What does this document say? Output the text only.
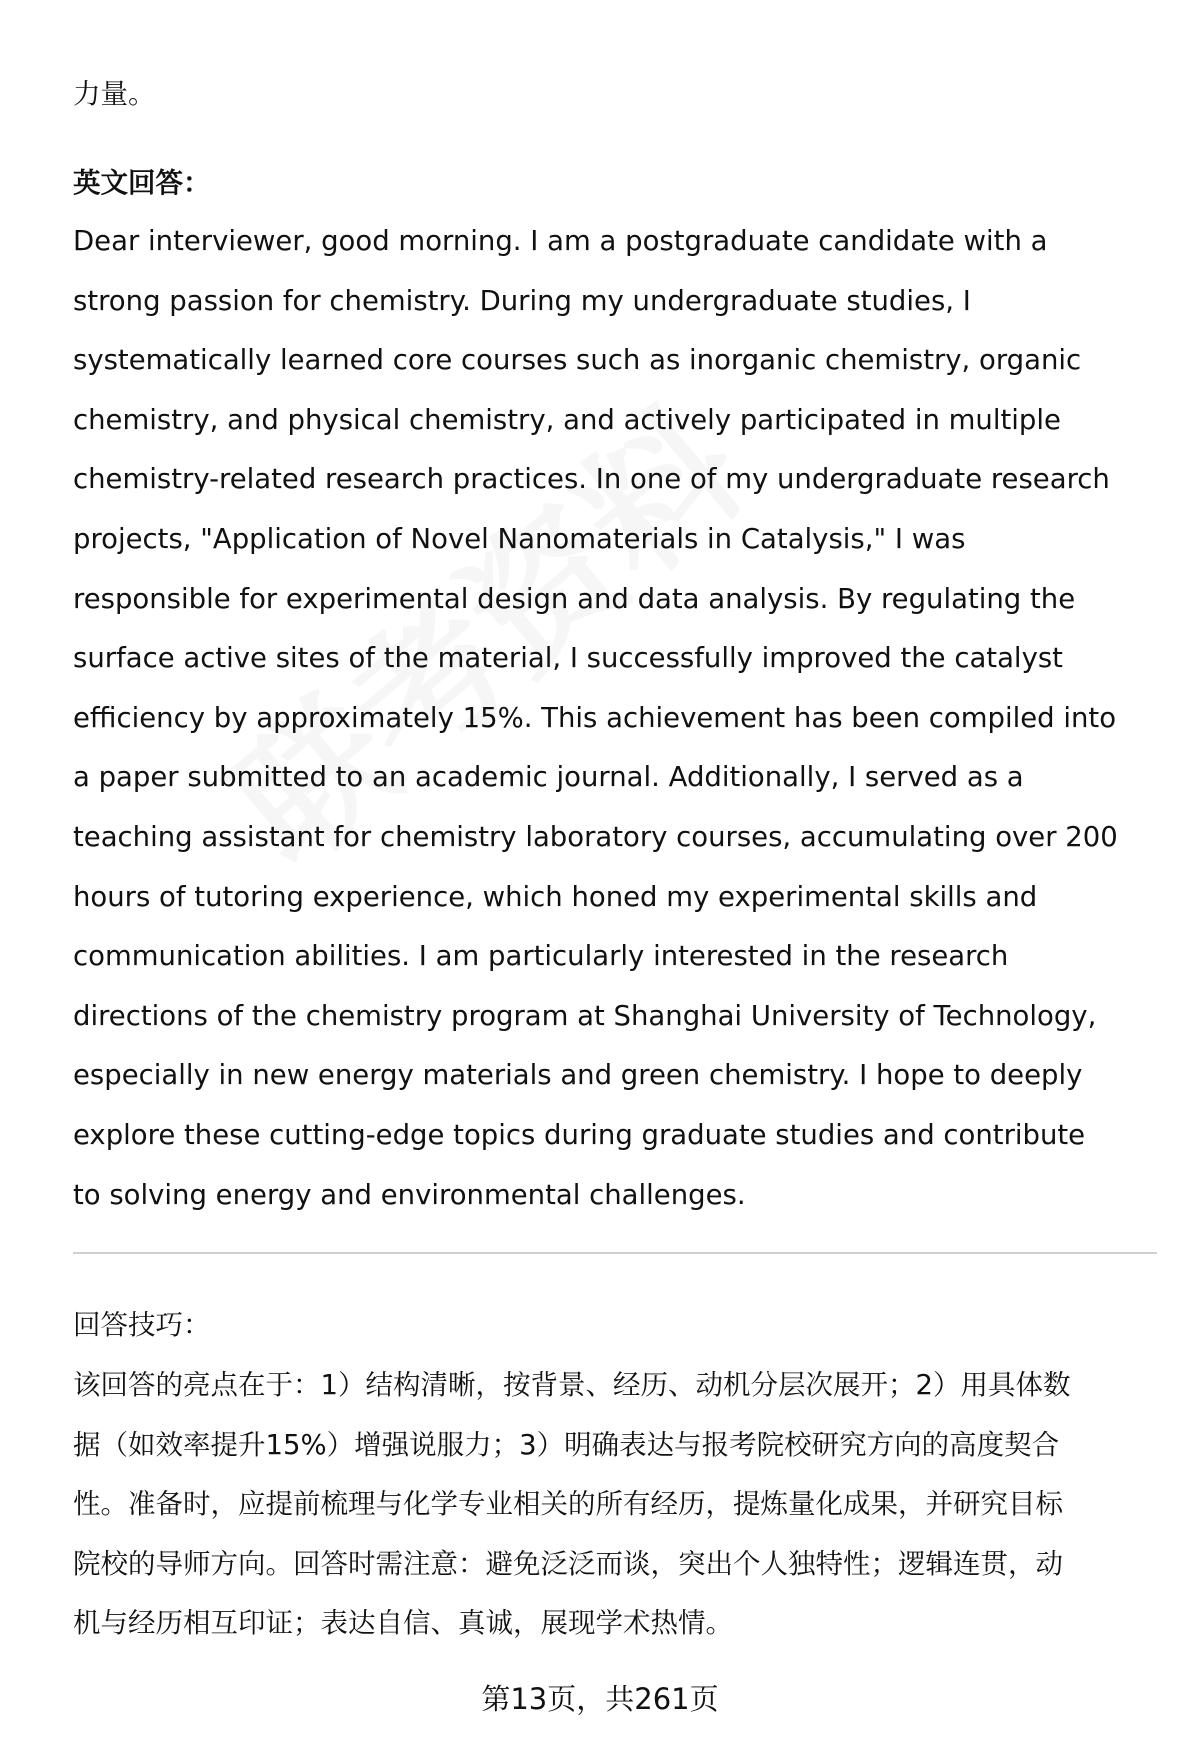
力量。
英文回答：
Dear interviewer, good morning. I am a postgraduate candidate with a
strong passion for chemistry. During my undergraduate studies, I
systematically learned core courses such as inorganic chemistry, organic
chemistry, and physical chemistry, and actively participated in multiple
chemistry-related research practices. In one of my undergraduate research
projects, "Application of Novel Nanomaterials in Catalysis," I was
responsible for experimental design and data analysis. By regulating the
surface active sites of the material, I successfully improved the catalyst
efficiency by approximately 15%. This achievement has been compiled into
a paper submitted to an academic journal. Additionally, I served as a
teaching assistant for chemistry laboratory courses, accumulating over 200
hours of tutoring experience, which honed my experimental skills and
communication abilities. I am particularly interested in the research
directions of the chemistry program at Shanghai University of Technology,
especially in new energy materials and green chemistry. I hope to deeply
explore these cutting-edge topics during graduate studies and contribute
to solving energy and environmental challenges.
回答技巧：
该回答的亮点在于：1）结构清晰，按背景、经历、动机分层次展开；2）用具体数
据（如效率提升15%）增强说服力；3）明确表达与报考院校研究方向的高度契合
性。准备时，应提前梳理与化学专业相关的所有经历，提炼量化成果，并研究目标
院校的导师方向。回答时需注意：避免泛泛而谈，突出个人独特性；逻辑连贯，动
机与经历相互印证；表达自信、真诚，展现学术热情。
第13页，共261页
